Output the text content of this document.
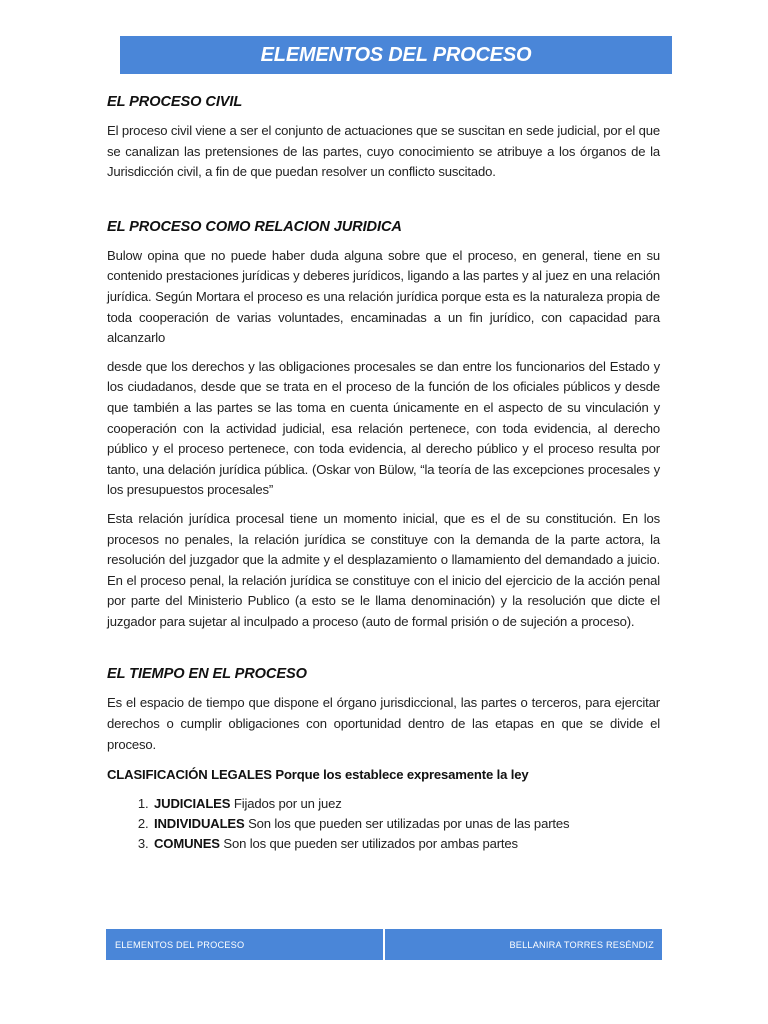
ELEMENTOS DEL PROCESO
EL PROCESO CIVIL

El proceso civil viene a ser el conjunto de actuaciones que se suscitan en sede judicial, por el que se canalizan las pretensiones de las partes, cuyo conocimiento se atribuye a los órganos de la Jurisdicción civil, a fin de que puedan resolver un conflicto suscitado.

EL PROCESO COMO RELACION JURIDICA

Bulow opina que no puede haber duda alguna sobre que el proceso, en general, tiene en su contenido prestaciones jurídicas y deberes jurídicos, ligando a las partes y al juez en una relación jurídica. Según Mortara el proceso es una relación jurídica porque esta es la naturaleza propia de toda cooperación de varias voluntades, encaminadas a un fin jurídico, con capacidad para alcanzarlo

desde que los derechos y las obligaciones procesales se dan entre los funcionarios del Estado y los ciudadanos, desde que se trata en el proceso de la función de los oficiales públicos y desde que también a las partes se las toma en cuenta únicamente en el aspecto de su vinculación y cooperación con la actividad judicial, esa relación pertenece, con toda evidencia, al derecho público y el proceso pertenece, con toda evidencia, al derecho público y el proceso resulta por tanto, una delación jurídica pública. (Oskar von Bülow, “la teoría de las excepciones procesales y los presupuestos procesales”

Esta relación jurídica procesal tiene un momento inicial, que es el de su constitución. En los procesos no penales, la relación jurídica se constituye con la demanda de la parte actora, la resolución del juzgador que la admite y el desplazamiento o llamamiento del demandado a juicio. En el proceso penal, la relación jurídica se constituye con el inicio del ejercicio de la acción penal por parte del Ministerio Publico (a esto se le llama denominación) y la resolución que dicte el juzgador para sujetar al inculpado a proceso (auto de formal prisión o de sujeción a proceso).

EL TIEMPO EN EL PROCESO

Es el espacio de tiempo que dispone el órgano jurisdiccional, las partes o terceros, para ejercitar derechos o cumplir obligaciones con oportunidad dentro de las etapas en que se divide el proceso.

CLASIFICACIÓN LEGALES Porque los establece expresamente la ley

1. JUDICIALES Fijados por un juez
2. INDIVIDUALES Son los que pueden ser utilizadas por unas de las partes
3. COMUNES Son los que pueden ser utilizados por ambas partes
ELEMENTOS DEL PROCESO	BELLANIRA TORRES RESÉNDIZ
